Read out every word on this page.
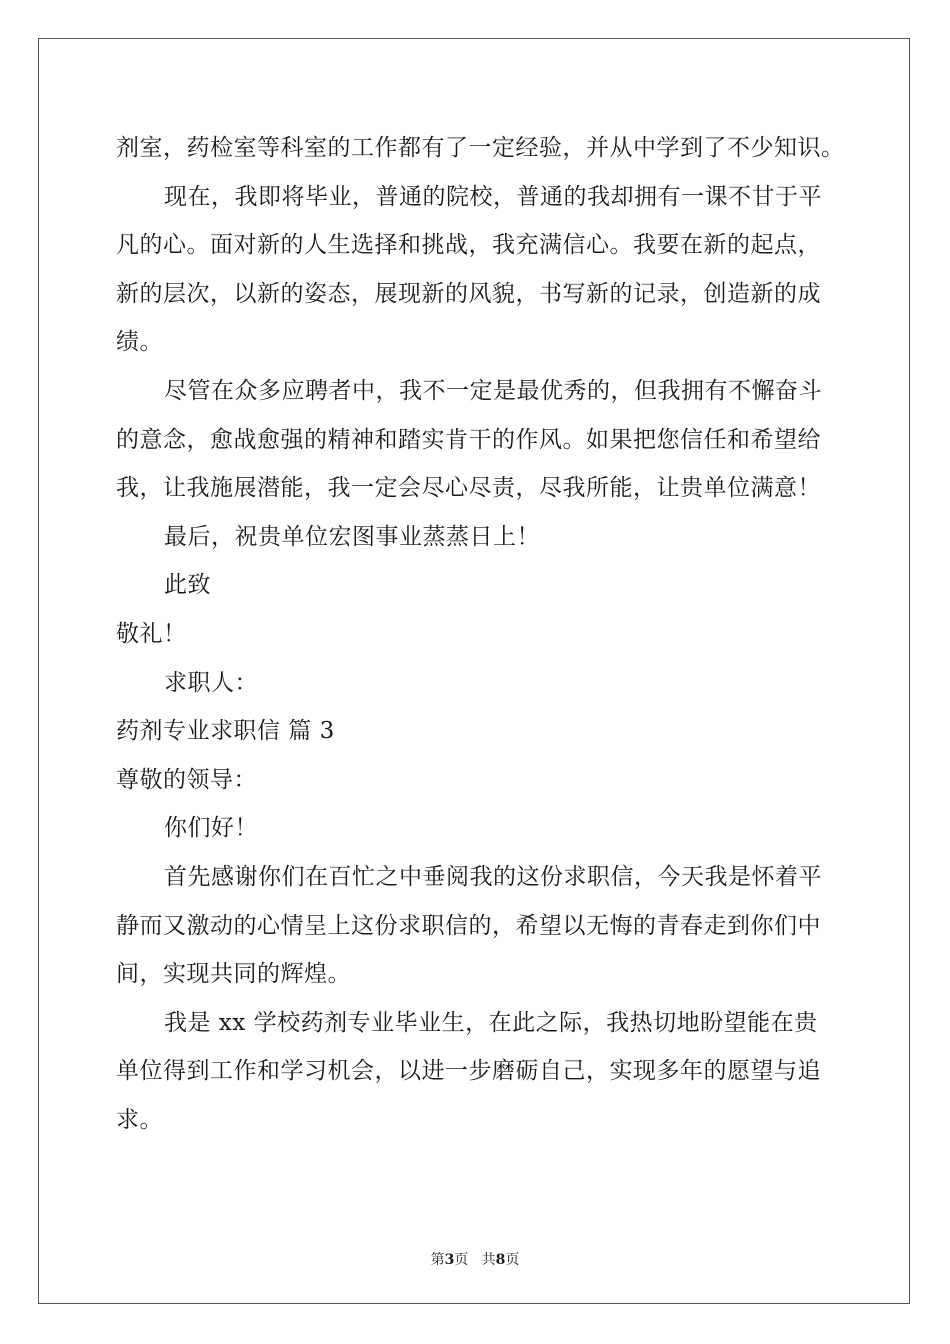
剂室，药检室等科室的工作都有了一定经验，并从中学到了不少知识。
现在，我即将毕业，普通的院校，普通的我却拥有一课不甘于平
凡的心。面对新的人生选择和挑战，我充满信心。我要在新的起点，
新的层次，以新的姿态，展现新的风貌，书写新的记录，创造新的成
绩。
尽管在众多应聘者中，我不一定是最优秀的，但我拥有不懈奋斗
的意念，愈战愈强的精神和踏实肯干的作风。如果把您信任和希望给
我，让我施展潜能，我一定会尽心尽责，尽我所能，让贵单位满意！
最后，祝贵单位宏图事业蒸蒸日上！
此致
敬礼！
求职人：
药剂专业求职信 篇 3
尊敬的领导：
你们好！
首先感谢你们在百忙之中垂阅我的这份求职信，今天我是怀着平
静而又激动的心情呈上这份求职信的，希望以无悔的青春走到你们中
间，实现共同的辉煌。
我是 xx 学校药剂专业毕业生，在此之际，我热切地盼望能在贵
单位得到工作和学习机会，以进一步磨砺自己，实现多年的愿望与追
求。
第3页 共8页
